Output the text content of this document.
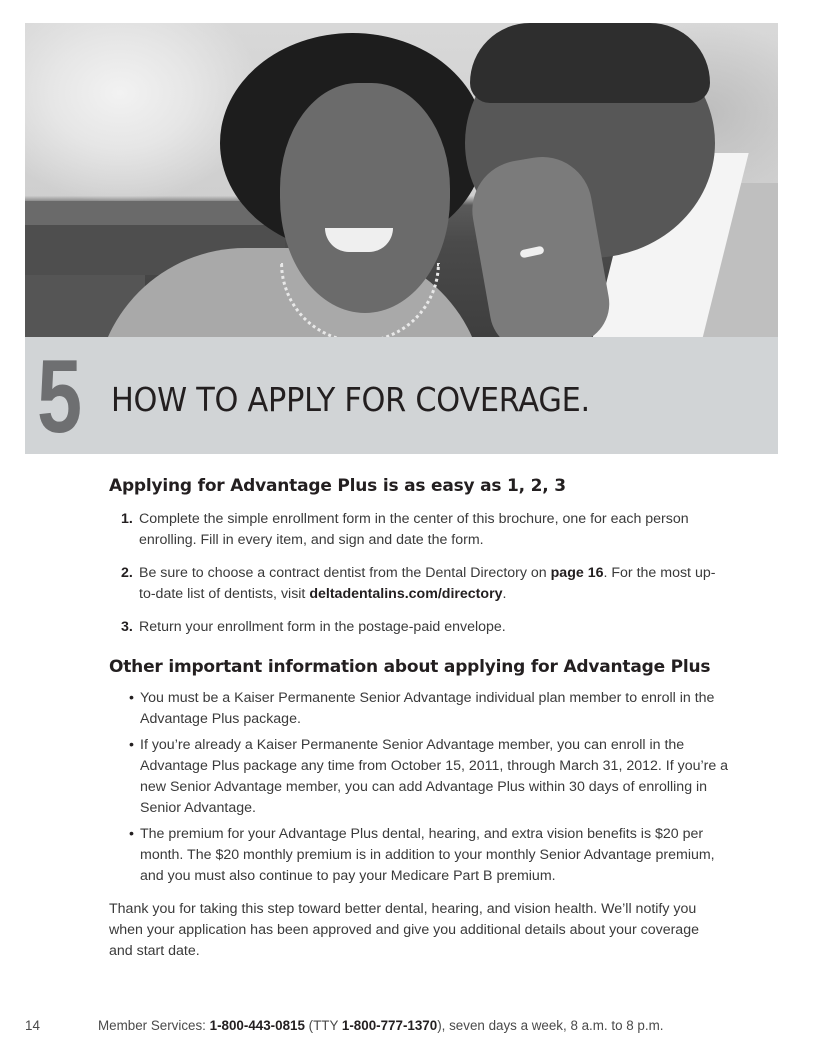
5 HOW TO APPLY FOR COVERAGE.
Applying for Advantage Plus is as easy as 1, 2, 3
1. Complete the simple enrollment form in the center of this brochure, one for each person enrolling. Fill in every item, and sign and date the form.
2. Be sure to choose a contract dentist from the Dental Directory on page 16. For the most up-to-date list of dentists, visit deltadentalins.com/directory.
3. Return your enrollment form in the postage-paid envelope.
Other important information about applying for Advantage Plus
• You must be a Kaiser Permanente Senior Advantage individual plan member to enroll in the Advantage Plus package.
• If you’re already a Kaiser Permanente Senior Advantage member, you can enroll in the Advantage Plus package any time from October 15, 2011, through March 31, 2012. If you’re a new Senior Advantage member, you can add Advantage Plus within 30 days of enrolling in Senior Advantage.
• The premium for your Advantage Plus dental, hearing, and extra vision benefits is $20 per month. The $20 monthly premium is in addition to your monthly Senior Advantage premium, and you must also continue to pay your Medicare Part B premium.

Thank you for taking this step toward better dental, hearing, and vision health. We’ll notify you when your application has been approved and give you additional details about your coverage and start date.

14	Member Services: 1-800-443-0815 (TTY 1-800-777-1370), seven days a week, 8 a.m. to 8 p.m.
